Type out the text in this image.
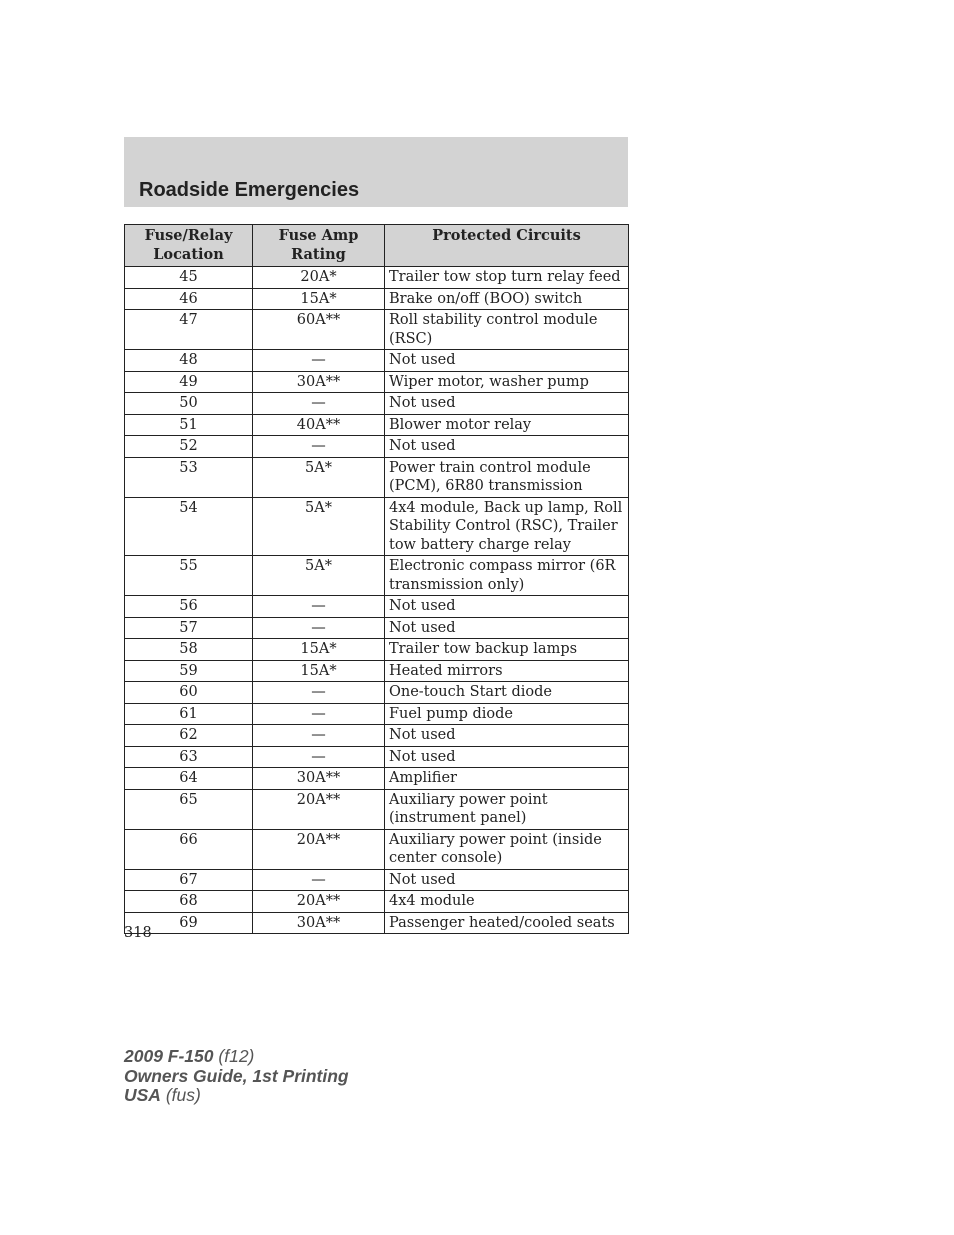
Roadside Emergencies
Fuse/Relay Location	Fuse Amp Rating	Protected Circuits
45	20A*	Trailer tow stop turn relay feed
46	15A*	Brake on/off (BOO) switch
47	60A**	Roll stability control module (RSC)
48	—	Not used
49	30A**	Wiper motor, washer pump
50	—	Not used
51	40A**	Blower motor relay
52	—	Not used
53	5A*	Power train control module (PCM), 6R80 transmission
54	5A*	4x4 module, Back up lamp, Roll Stability Control (RSC), Trailer tow battery charge relay
55	5A*	Electronic compass mirror (6R transmission only)
56	—	Not used
57	—	Not used
58	15A*	Trailer tow backup lamps
59	15A*	Heated mirrors
60	—	One-touch Start diode
61	—	Fuel pump diode
62	—	Not used
63	—	Not used
64	30A**	Amplifier
65	20A**	Auxiliary power point (instrument panel)
66	20A**	Auxiliary power point (inside center console)
67	—	Not used
68	20A**	4x4 module
69	30A**	Passenger heated/cooled seats
318
2009 F-150 (f12)
Owners Guide, 1st Printing
USA (fus)
